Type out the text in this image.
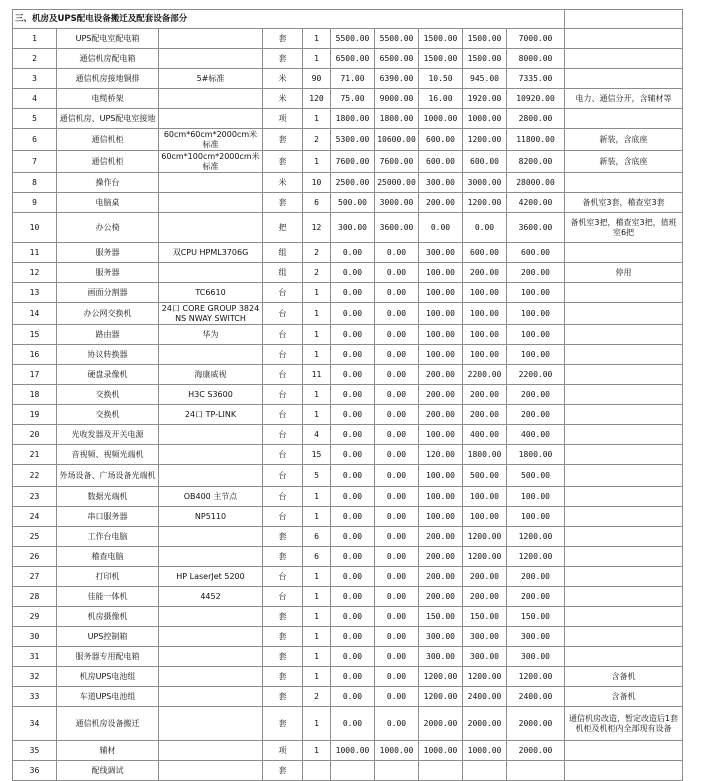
三、机房及UPS配电设备搬迁及配套设备部分										
1	UPS配电室配电箱		套	1	5500.00	5500.00	1500.00	1500.00	7000.00	
2	通信机房配电箱		套	1	6500.00	6500.00	1500.00	1500.00	8000.00	
3	通信机房接地铜排	5#标准	米	90	71.00	6390.00	10.50	945.00	7335.00	
4	电缆桥架		米	120	75.00	9000.00	16.00	1920.00	10920.00	电力、通信分开，含辅材等
5	通信机房、UPS配电室接地		项	1	1800.00	1800.00	1000.00	1000.00	2800.00	
6	通信机柜	60cm*60cm*2000cm米标准	套	2	5300.00	10600.00	600.00	1200.00	11800.00	新装，含底座
7	通信机柜	60cm*100cm*2000cm米标准	套	1	7600.00	7600.00	600.00	600.00	8200.00	新装，含底座
8	操作台		米	10	2500.00	25000.00	300.00	3000.00	28000.00	
9	电脑桌		套	6	500.00	3000.00	200.00	1200.00	4200.00	备机室3套，稽查室3套
10	办公椅		把	12	300.00	3600.00	0.00	0.00	3600.00	备机室3把，稽查室3把，值班室6把
11	服务器	双CPU HPML3706G	组	2	0.00	0.00	300.00	600.00	600.00	
12	服务器		组	2	0.00	0.00	100.00	200.00	200.00	停用
13	画面分割器	TC6610	台	1	0.00	0.00	100.00	100.00	100.00	
14	办公网交换机	24口 CORE GROUP 3824NS NWAY SWITCH	台	1	0.00	0.00	100.00	100.00	100.00	
15	路由器	华为	台	1	0.00	0.00	100.00	100.00	100.00	
16	协议转换器		台	1	0.00	0.00	100.00	100.00	100.00	
17	硬盘录像机	海康威视	台	11	0.00	0.00	200.00	2200.00	2200.00	
18	交换机	H3C S3600	台	1	0.00	0.00	200.00	200.00	200.00	
19	交换机	24口 TP-LINK	台	1	0.00	0.00	200.00	200.00	200.00	
20	光收发器及开关电源		台	4	0.00	0.00	100.00	400.00	400.00	
21	音视频、视频光端机		台	15	0.00	0.00	120.00	1800.00	1800.00	
22	外场设备、广场设备光端机		台	5	0.00	0.00	100.00	500.00	500.00	
23	数据光端机	OB400 主节点	台	1	0.00	0.00	100.00	100.00	100.00	
24	串口服务器	NP5110	台	1	0.00	0.00	100.00	100.00	100.00	
25	工作台电脑		套	6	0.00	0.00	200.00	1200.00	1200.00	
26	稽查电脑		套	6	0.00	0.00	200.00	1200.00	1200.00	
27	打印机	HP LaserJet 5200	台	1	0.00	0.00	200.00	200.00	200.00	
28	佳能一体机	4452	台	1	0.00	0.00	200.00	200.00	200.00	
29	机房摄像机		套	1	0.00	0.00	150.00	150.00	150.00	
30	UPS控制箱		套	1	0.00	0.00	300.00	300.00	300.00	
31	服务器专用配电箱		套	1	0.00	0.00	300.00	300.00	300.00	
32	机房UPS电池组		套	1	0.00	0.00	1200.00	1200.00	1200.00	含备机
33	车道UPS电池组		套	2	0.00	0.00	1200.00	2400.00	2400.00	含备机
34	通信机房设备搬迁		套	1	0.00	0.00	2000.00	2000.00	2000.00	通信机房改造，暂定改造后1套机柜及机柜内全部现有设备
35	辅材		项	1	1000.00	1000.00	1000.00	1000.00	2000.00	
36	配线调试		套							
